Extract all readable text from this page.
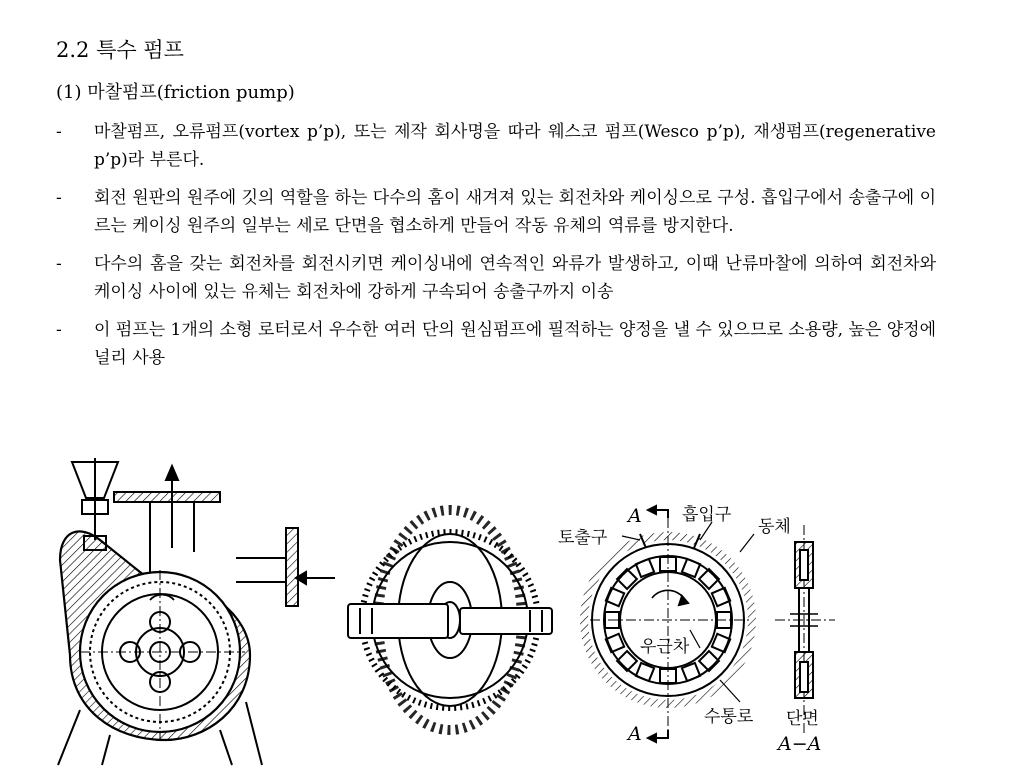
2.2 특수 펌프
(1) 마찰펌프(friction pump)
- 마찰펌프, 오류펌프(vortex p’p), 또는 제작 회사명을 따라 웨스코 펌프(Wesco p’p), 재생펌프(regenerative p’p)라 부른다.
- 회전 원판의 원주에 깃의 역할을 하는 다수의 홈이 새겨져 있는 회전차와 케이싱으로 구성. 흡입구에서 송출구에 이르는 케이싱 원주의 일부는 세로 단면을 협소하게 만들어 작동 유체의 역류를 방지한다.
- 다수의 홈을 갖는 회전차를 회전시키면 케이싱내에 연속적인 와류가 발생하고, 이때 난류마찰에 의하여 회전차와 케이싱 사이에 있는 유체는 회전차에 강하게 구속되어 송출구까지 이송
- 이 펌프는 1개의 소형 로터로서 우수한 여러 단의 원심펌프에 필적하는 양정을 낼 수 있으므로 소용량, 높은 양정에 널리 사용
토출구
흡입구
동체
우근차
수통로 단면
A−A
A
A
